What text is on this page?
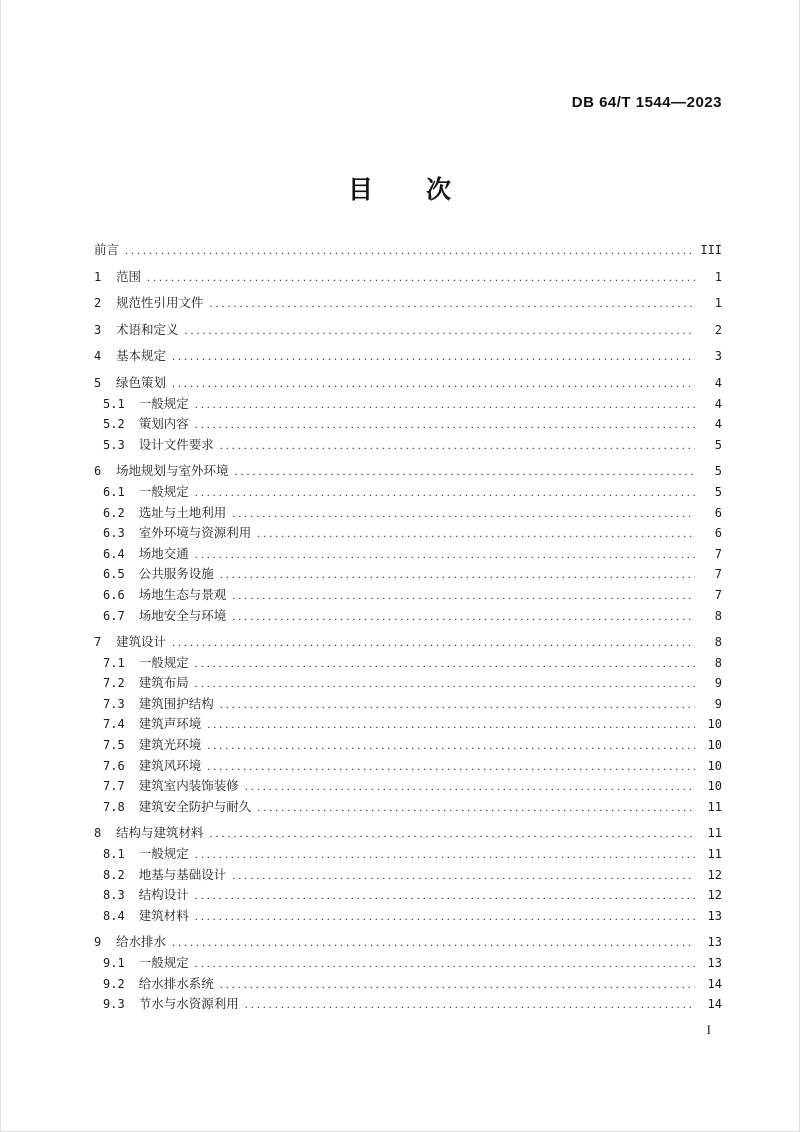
DB 64/T 1544—2023
目　　次
前言 .....	III
1 范围 .....	1
2 规范性引用文件 .....	1
3 术语和定义 .....	2
4 基本规定 .....	3
5 绿色策划 .....	4
5.1 一般规定 .....	4
5.2 策划内容 .....	4
5.3 设计文件要求 .....	5
6 场地规划与室外环境 .....	5
6.1 一般规定 .....	5
6.2 选址与土地利用 .....	6
6.3 室外环境与资源利用 .....	6
6.4 场地交通 .....	7
6.5 公共服务设施 .....	7
6.6 场地生态与景观 .....	7
6.7 场地安全与环境 .....	8
7 建筑设计 .....	8
7.1 一般规定 .....	8
7.2 建筑布局 .....	9
7.3 建筑围护结构 .....	9
7.4 建筑声环境 .....	10
7.5 建筑光环境 .....	10
7.6 建筑风环境 .....	10
7.7 建筑室内装饰装修 .....	10
7.8 建筑安全防护与耐久 .....	11
8 结构与建筑材料 .....	11
8.1 一般规定 .....	11
8.2 地基与基础设计 .....	12
8.3 结构设计 .....	12
8.4 建筑材料 .....	13
9 给水排水 .....	13
9.1 一般规定 .....	13
9.2 给水排水系统 .....	14
9.3 节水与水资源利用 .....	14
I
